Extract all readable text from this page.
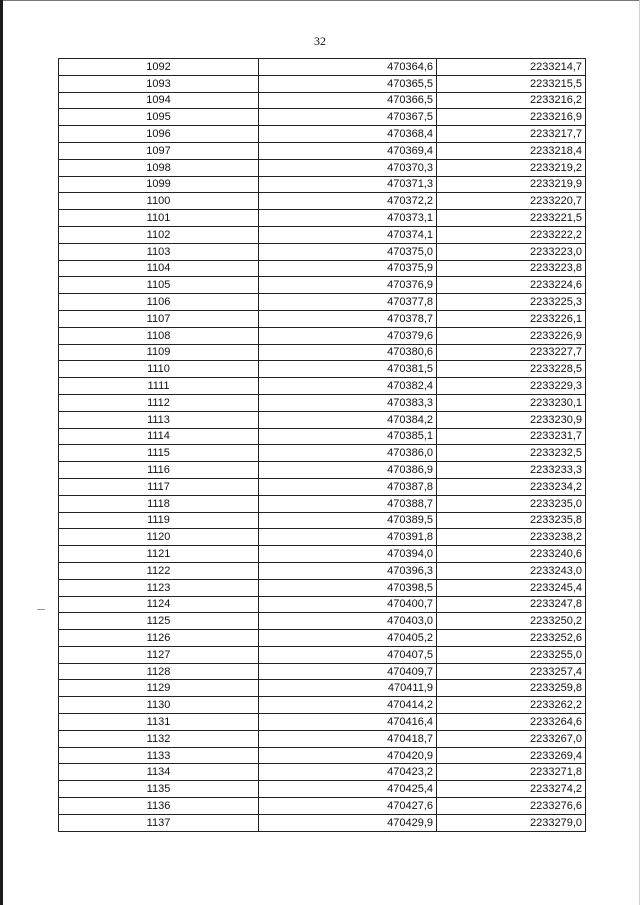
32
1092	470364,6	2233214,7
1093	470365,5	2233215,5
1094	470366,5	2233216,2
1095	470367,5	2233216,9
1096	470368,4	2233217,7
1097	470369,4	2233218,4
1098	470370,3	2233219,2
1099	470371,3	2233219,9
1100	470372,2	2233220,7
1101	470373,1	2233221,5
1102	470374,1	2233222,2
1103	470375,0	2233223,0
1104	470375,9	2233223,8
1105	470376,9	2233224,6
1106	470377,8	2233225,3
1107	470378,7	2233226,1
1108	470379,6	2233226,9
1109	470380,6	2233227,7
1110	470381,5	2233228,5
1111	470382,4	2233229,3
1112	470383,3	2233230,1
1113	470384,2	2233230,9
1114	470385,1	2233231,7
1115	470386,0	2233232,5
1116	470386,9	2233233,3
1117	470387,8	2233234,2
1118	470388,7	2233235,0
1119	470389,5	2233235,8
1120	470391,8	2233238,2
1121	470394,0	2233240,6
1122	470396,3	2233243,0
1123	470398,5	2233245,4
1124	470400,7	2233247,8
1125	470403,0	2233250,2
1126	470405,2	2233252,6
1127	470407,5	2233255,0
1128	470409,7	2233257,4
1129	470411,9	2233259,8
1130	470414,2	2233262,2
1131	470416,4	2233264,6
1132	470418,7	2233267,0
1133	470420,9	2233269,4
1134	470423,2	2233271,8
1135	470425,4	2233274,2
1136	470427,6	2233276,6
1137	470429,9	2233279,0
